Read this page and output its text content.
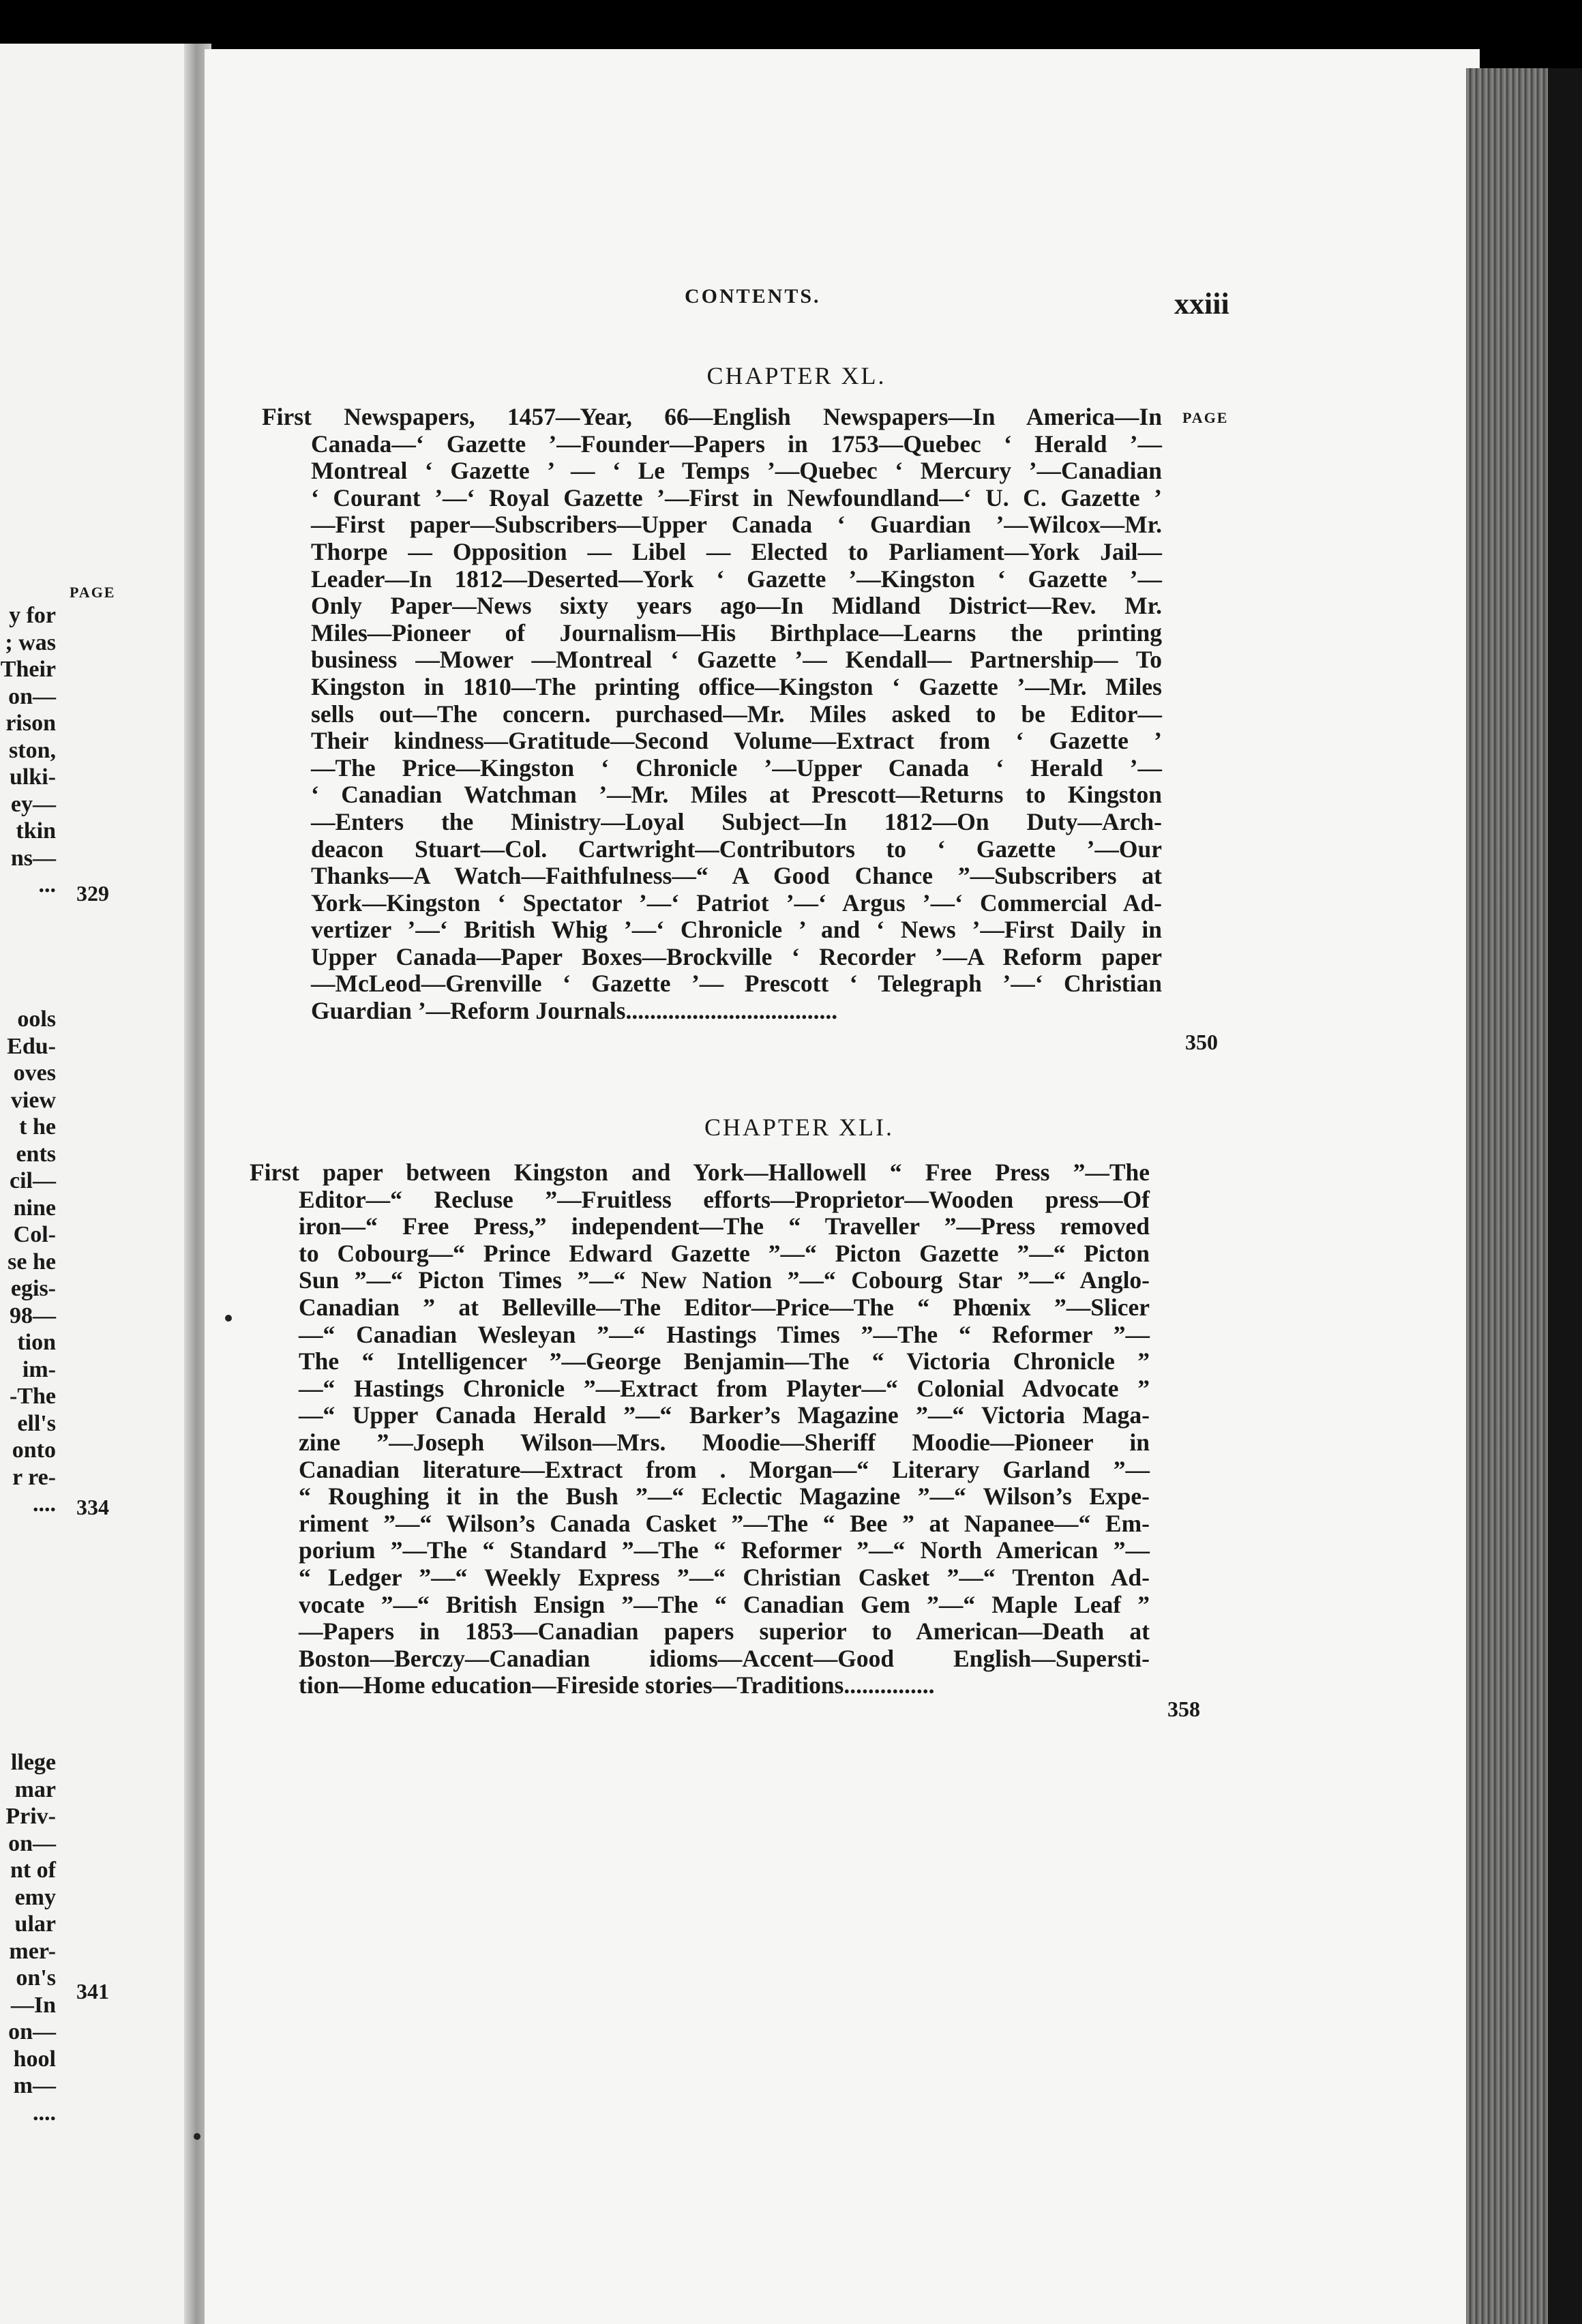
PAGE
y for
; was
Their
on—
rison
ston,
ulki-
ey—
tkin
ns—
...
ools
Edu-
oves
view
t he
ents
cil—
nine
Col-
se he
egis-
98—
tion
im-
-The
ell's
onto
r re-
....
llege
mar
Priv-
on—
nt of
emy
ular
mer-
on's
—In
on—
hool
m—
....
329
334
341

CONTENTS.	xxiii
PAGE
CHAPTER XL.
First Newspapers, 1457—Year, 66—English Newspapers—In America—In
Canada—‘ Gazette ’—Founder—Papers in 1753—Quebec ‘ Herald ’—
Montreal ‘ Gazette ’ — ‘ Le Temps ’—Quebec ‘ Mercury ’—Canadian
‘ Courant ’—‘ Royal Gazette ’—First in Newfoundland—‘ U. C. Gazette ’
—First paper—Subscribers—Upper Canada ‘ Guardian ’—Wilcox—Mr.
Thorpe — Opposition — Libel — Elected to Parliament—York Jail—
Leader—In 1812—Deserted—York ‘ Gazette ’—Kingston ‘ Gazette ’—
Only Paper—News sixty years ago—In Midland District—Rev. Mr.
Miles—Pioneer of Journalism—His Birthplace—Learns the printing
business —Mower —Montreal ‘ Gazette ’— Kendall— Partnership— To
Kingston in 1810—The printing office—Kingston ‘ Gazette ’—Mr. Miles
sells out—The concern. purchased—Mr. Miles asked to be Editor—
Their kindness—Gratitude—Second Volume—Extract from ‘ Gazette ’
—The Price—Kingston ‘ Chronicle ’—Upper Canada ‘ Herald ’—
‘ Canadian Watchman ’—Mr. Miles at Prescott—Returns to Kingston
—Enters the Ministry—Loyal Subject—In 1812—On Duty—Arch-
deacon Stuart—Col. Cartwright—Contributors to ‘ Gazette ’—Our
Thanks—A Watch—Faithfulness—“ A Good Chance ”—Subscribers at
York—Kingston ‘ Spectator ’—‘ Patriot ’—‘ Argus ’—‘ Commercial Ad-
vertizer ’—‘ British Whig ’—‘ Chronicle ’ and ‘ News ’—First Daily in
Upper Canada—Paper Boxes—Brockville ‘ Recorder ’—A Reform paper
—McLeod—Grenville ‘ Gazette ’— Prescott ‘ Telegraph ’—‘ Christian
Guardian ’—Reform Journals...................................
350
CHAPTER XLI.
First paper between Kingston and York—Hallowell “ Free Press ”—The
Editor—“ Recluse ”—Fruitless efforts—Proprietor—Wooden press—Of
iron—“ Free Press,” independent—The “ Traveller ”—Press removed
to Cobourg—“ Prince Edward Gazette ”—“ Picton Gazette ”—“ Picton
Sun ”—“ Picton Times ”—“ New Nation ”—“ Cobourg Star ”—“ Anglo-
Canadian ” at Belleville—The Editor—Price—The “ Phœnix ”—Slicer
—“ Canadian Wesleyan ”—“ Hastings Times ”—The “ Reformer ”—
The “ Intelligencer ”—George Benjamin—The “ Victoria Chronicle ”
—“ Hastings Chronicle ”—Extract from Playter—“ Colonial Advocate ”
—“ Upper Canada Herald ”—“ Barker’s Magazine ”—“ Victoria Maga-
zine ”—Joseph Wilson—Mrs. Moodie—Sheriff Moodie—Pioneer in
Canadian literature—Extract from . Morgan—“ Literary Garland ”—
“ Roughing it in the Bush ”—“ Eclectic Magazine ”—“ Wilson’s Expe-
riment ”—“ Wilson’s Canada Casket ”—The “ Bee ” at Napanee—“ Em-
porium ”—The “ Standard ”—The “ Reformer ”—“ North American ”—
“ Ledger ”—“ Weekly Express ”—“ Christian Casket ”—“ Trenton Ad-
vocate ”—“ British Ensign ”—The “ Canadian Gem ”—“ Maple Leaf ”
—Papers in 1853—Canadian papers superior to American—Death at
Boston—Berczy—Canadian idioms—Accent—Good English—Supersti-
tion—Home education—Fireside stories—Traditions...............
358
